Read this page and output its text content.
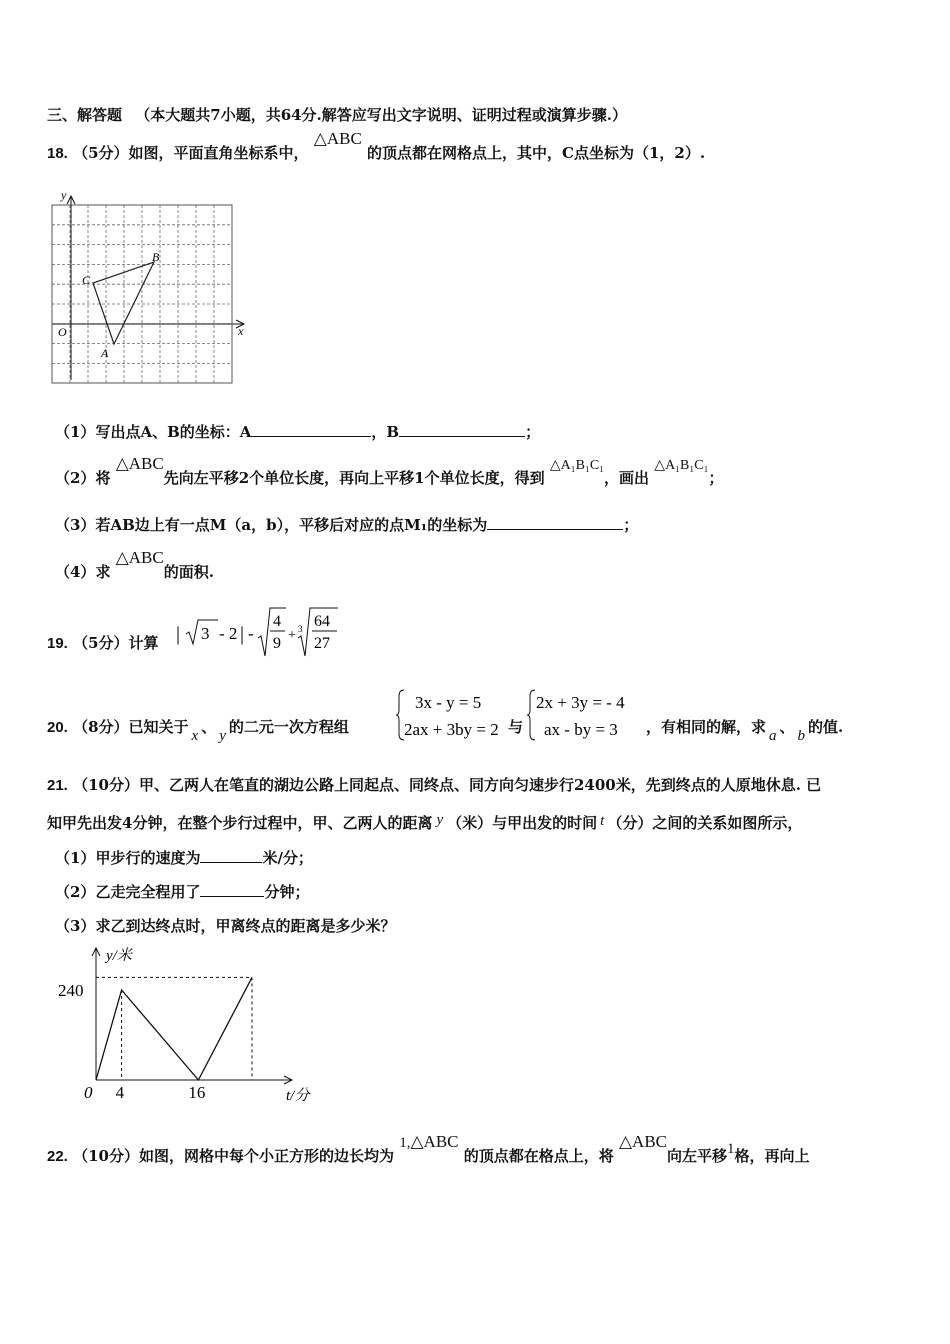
三、解答题 （本大题共7小题，共64分.解答应写出文字说明、证明过程或演算步骤.）
18. （5分）如图，平面直角坐标系中， △ABC 的顶点都在网格点上，其中，C点坐标为（1，2）.
y
x
O
A
B
C
（1）写出点A、B的坐标：A	，B	；
（2）将 △ABC先向左平移2个单位长度，再向上平移1个单位长度，得到 △A₁B₁C₁，画出 △A₁B₁C₁；
（3）若AB边上有一点M（a，b），平移后对应的点M₁的坐标为	；
（4）求 △ABC的面积.
19. （5分）计算 | 3 - 2 | -
4
9 + 3 64
27
20. （8分）已知关于 x 、 y 的二元一次方程组
3x - y = 5
2ax + 3by = 2 与
2x + 3y = - 4
ax - by = 3 ，有相同的解，求 a 、 b 的值.
21. （10分）甲、乙两人在笔直的湖边公路上同起点、同终点、同方向匀速步行2400米，先到终点的人原地休息. 已
知甲先出发4分钟，在整个步行过程中，甲、乙两人的距离 y （米）与甲出发的时间 t （分）之间的关系如图所示，
（1）甲步行的速度为	米/分；
（2）乙走完全程用了	分钟；
（3）求乙到达终点时，甲离终点的距离是多少米？
y/米
t/分
240
0 4	16
22. （10分）如图，网格中每个小正方形的边长均为 1,△ABC 的顶点都在格点上，将 △ABC向左平移1格，再向上
